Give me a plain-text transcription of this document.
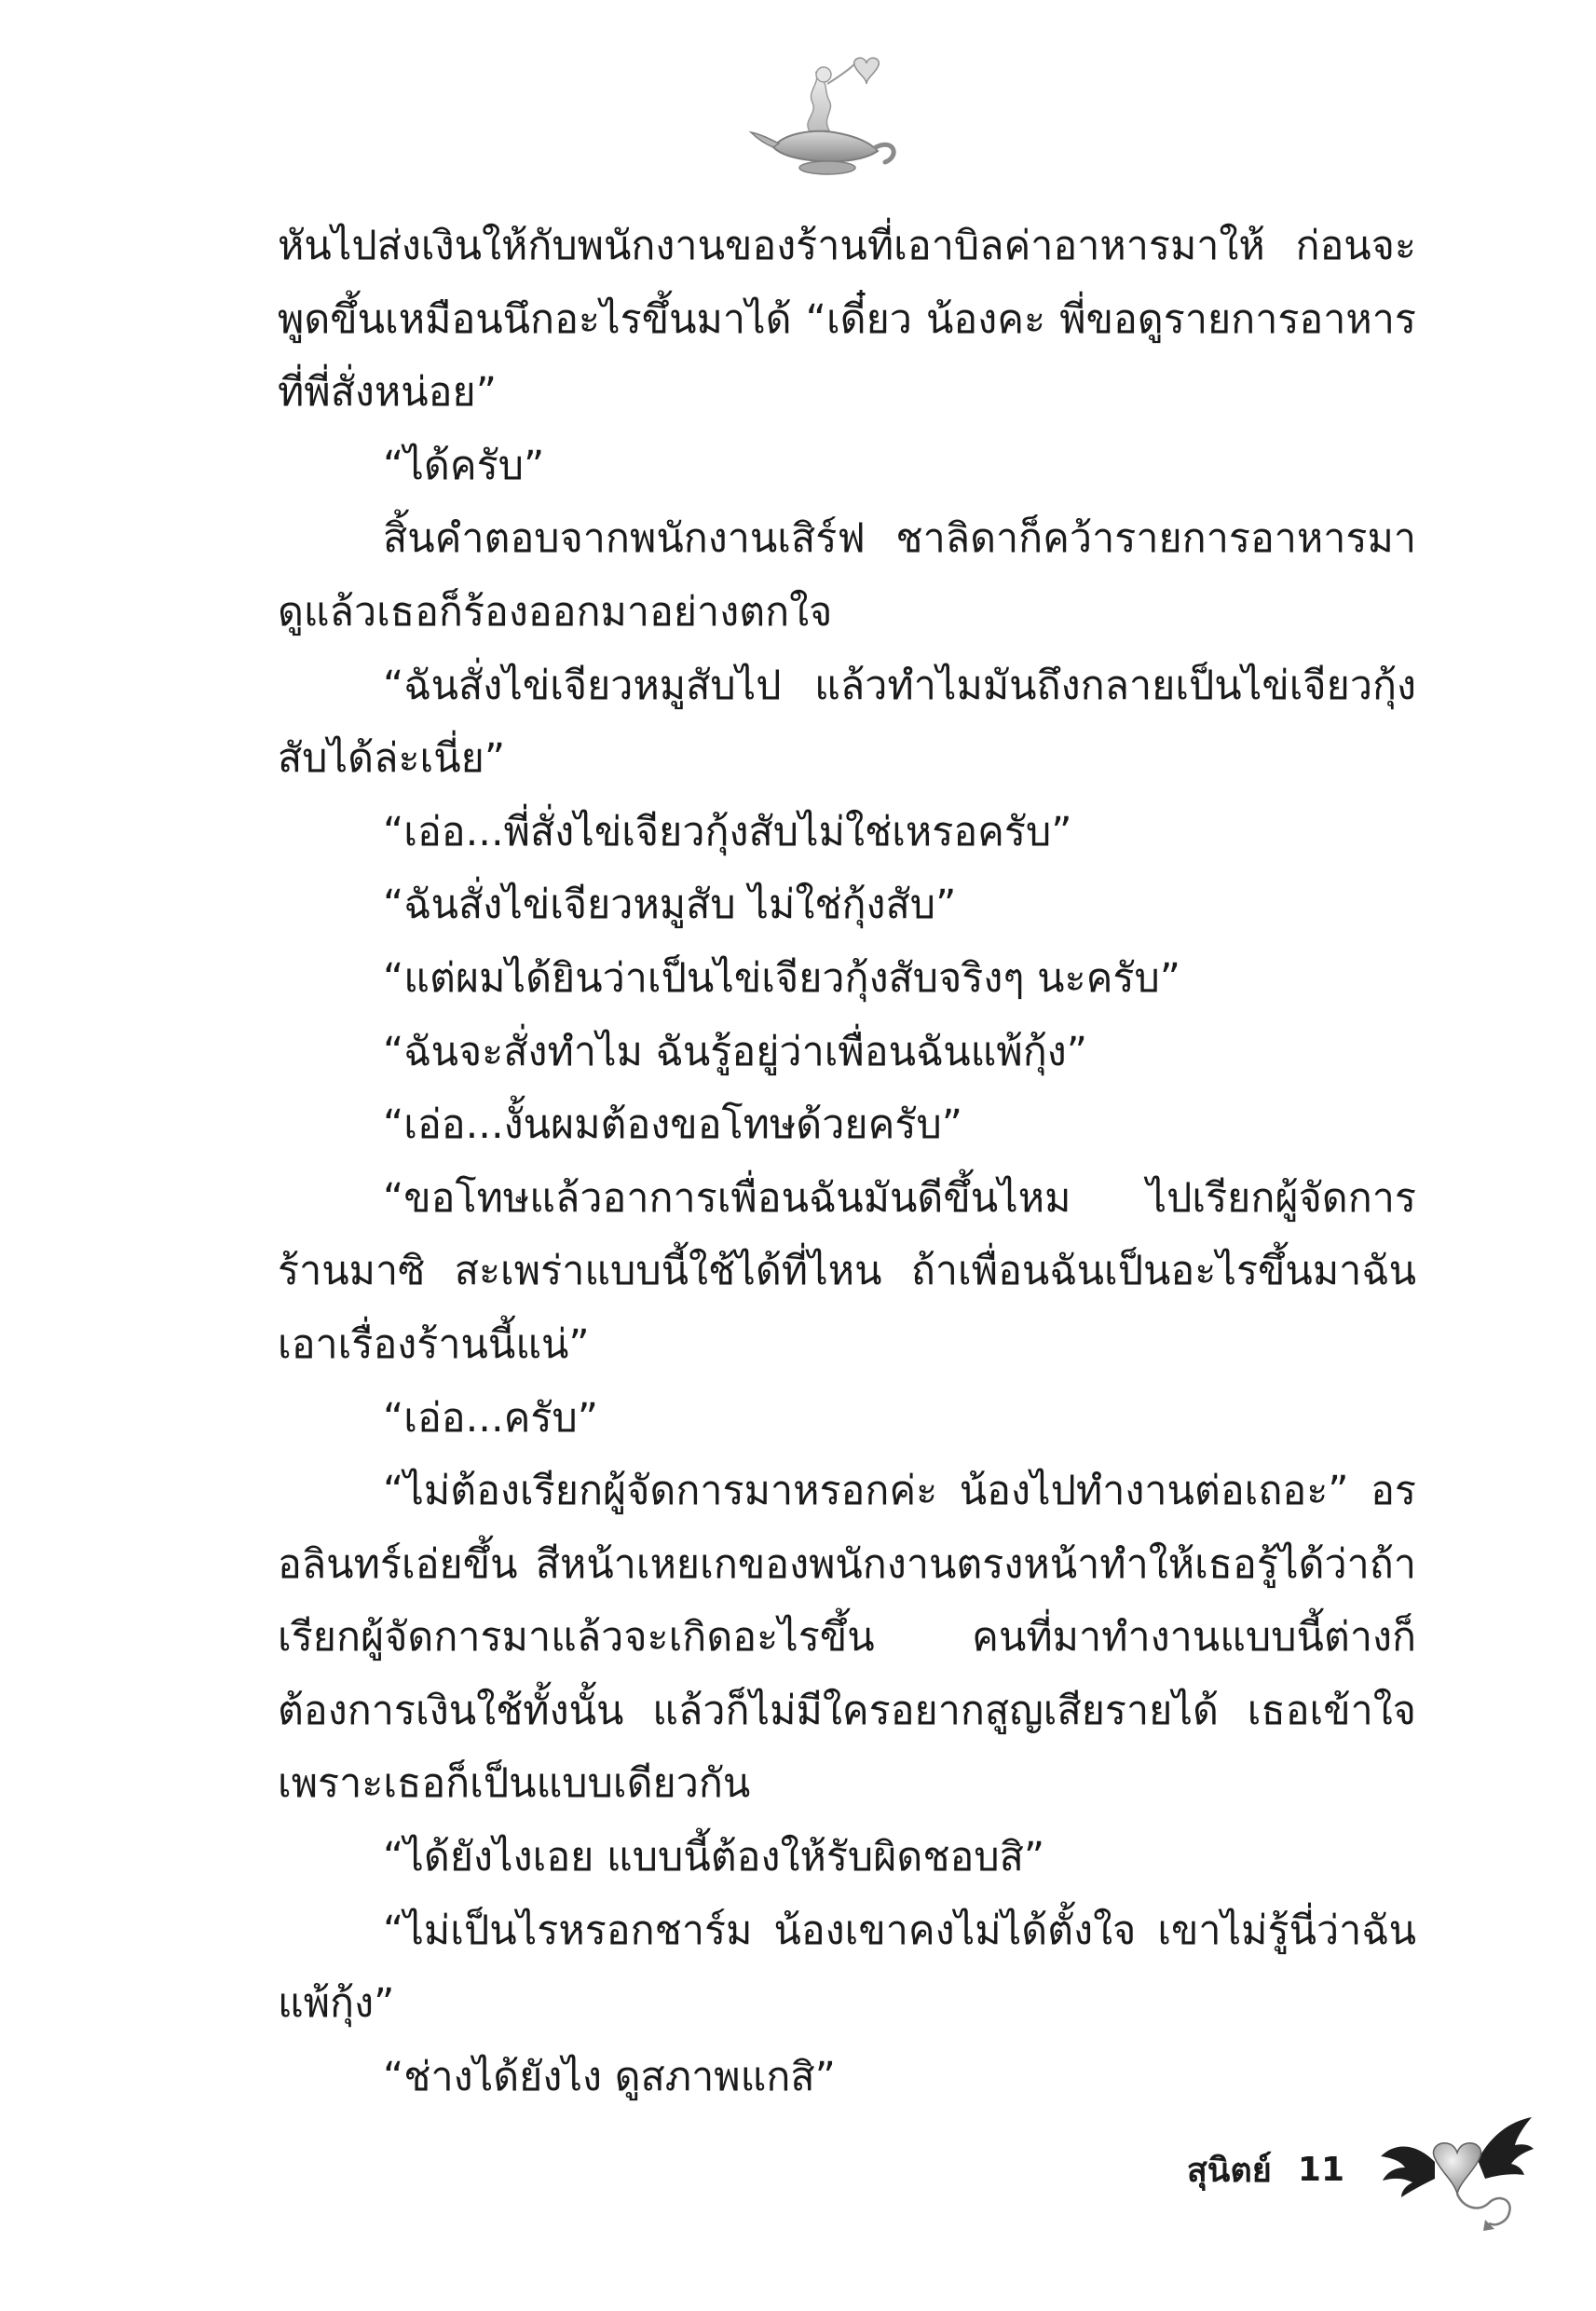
หันไปส่งเงินให้กับพนักงานของร้านที่เอาบิลค่าอาหารมาให้ ก่อนจะพูดขึ้นเหมือนนึกอะไรขึ้นมาได้ “เดี๋ยว น้องคะ พี่ขอดูรายการอาหารที่พี่สั่งหน่อย”

“ได้ครับ”

สิ้นคำตอบจากพนักงานเสิร์ฟ ชาลิดาก็คว้ารายการอาหารมาดูแล้วเธอก็ร้องออกมาอย่างตกใจ

“ฉันสั่งไข่เจียวหมูสับไป แล้วทำไมมันถึงกลายเป็นไข่เจียวกุ้งสับได้ล่ะเนี่ย”

“เอ่อ...พี่สั่งไข่เจียวกุ้งสับไม่ใช่เหรอครับ”

“ฉันสั่งไข่เจียวหมูสับ ไม่ใช่กุ้งสับ”

“แต่ผมได้ยินว่าเป็นไข่เจียวกุ้งสับจริงๆ นะครับ”

“ฉันจะสั่งทำไม ฉันรู้อยู่ว่าเพื่อนฉันแพ้กุ้ง”

“เอ่อ...งั้นผมต้องขอโทษด้วยครับ”

“ขอโทษแล้วอาการเพื่อนฉันมันดีขึ้นไหม ไปเรียกผู้จัดการร้านมาซิ สะเพร่าแบบนี้ใช้ได้ที่ไหน ถ้าเพื่อนฉันเป็นอะไรขึ้นมาฉันเอาเรื่องร้านนี้แน่”

“เอ่อ...ครับ”

“ไม่ต้องเรียกผู้จัดการมาหรอกค่ะ น้องไปทำงานต่อเถอะ” อรอลินทร์เอ่ยขึ้น สีหน้าเหยเกของพนักงานตรงหน้าทำให้เธอรู้ได้ว่าถ้าเรียกผู้จัดการมาแล้วจะเกิดอะไรขึ้น คนที่มาทำงานแบบนี้ต่างก็ต้องการเงินใช้ทั้งนั้น แล้วก็ไม่มีใครอยากสูญเสียรายได้ เธอเข้าใจเพราะเธอก็เป็นแบบเดียวกัน

“ได้ยังไงเอย แบบนี้ต้องให้รับผิดชอบสิ”

“ไม่เป็นไรหรอกชาร์ม น้องเขาคงไม่ได้ตั้งใจ เขาไม่รู้นี่ว่าฉันแพ้กุ้ง”

“ช่างได้ยังไง ดูสภาพแกสิ”

สุนิตย์ 11
